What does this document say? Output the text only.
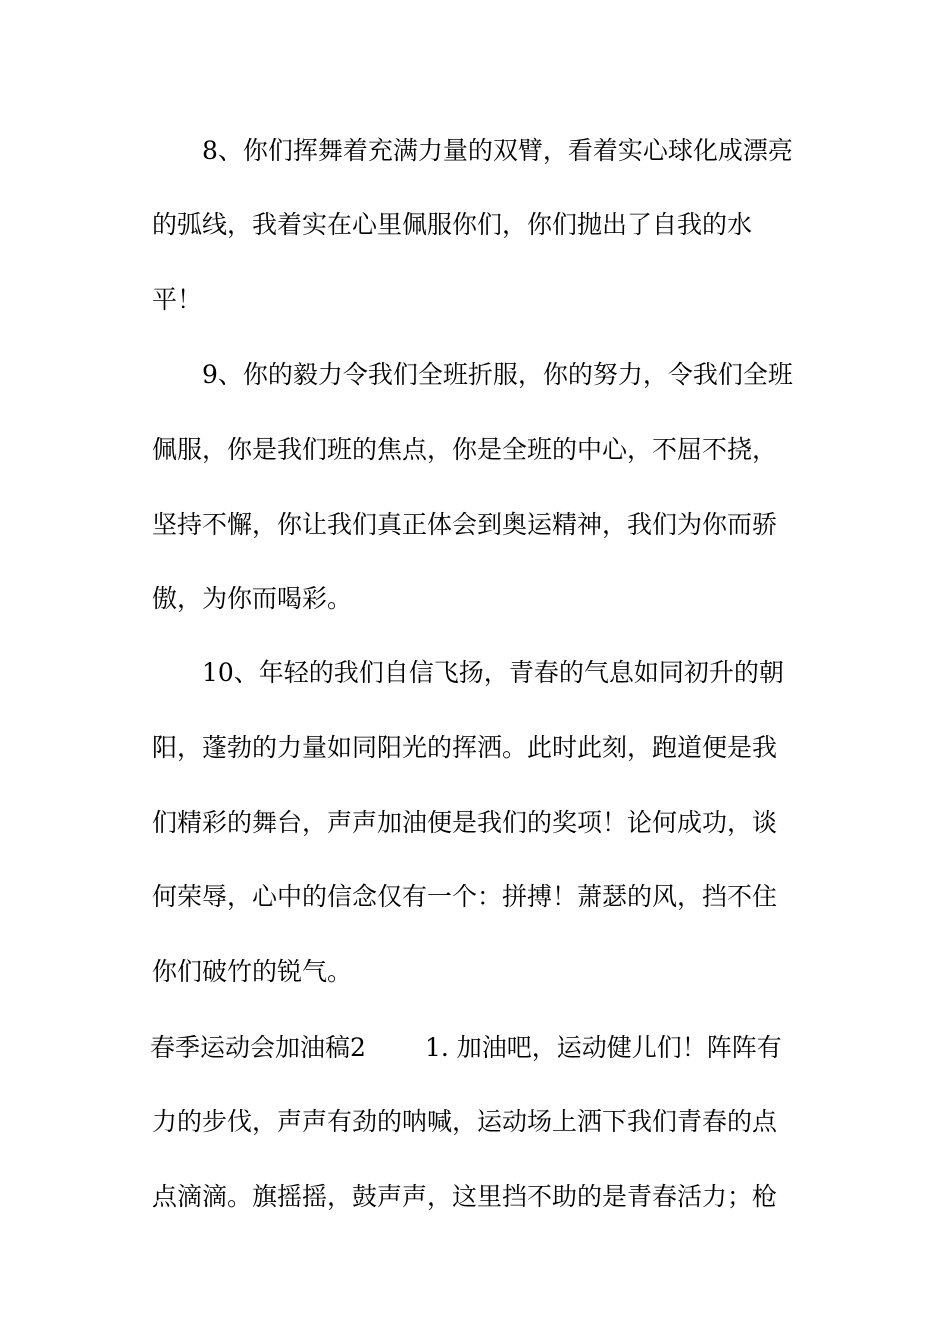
8、你们挥舞着充满力量的双臂，看着实心球化成漂亮
的弧线，我着实在心里佩服你们，你们抛出了自我的水
平！
9、你的毅力令我们全班折服，你的努力，令我们全班
佩服，你是我们班的焦点，你是全班的中心，不屈不挠，
坚持不懈，你让我们真正体会到奥运精神，我们为你而骄
傲，为你而喝彩。
10、年轻的我们自信飞扬，青春的气息如同初升的朝
阳，蓬勃的力量如同阳光的挥洒。此时此刻，跑道便是我
们精彩的舞台，声声加油便是我们的奖项！论何成功，谈
何荣辱，心中的信念仅有一个：拼搏！萧瑟的风，挡不住
你们破竹的锐气。
春季运动会加油稿2 1. 加油吧，运动健儿们！阵阵有
力的步伐，声声有劲的呐喊，运动场上洒下我们青春的点
点滴滴。旗摇摇，鼓声声，这里挡不助的是青春活力；枪
